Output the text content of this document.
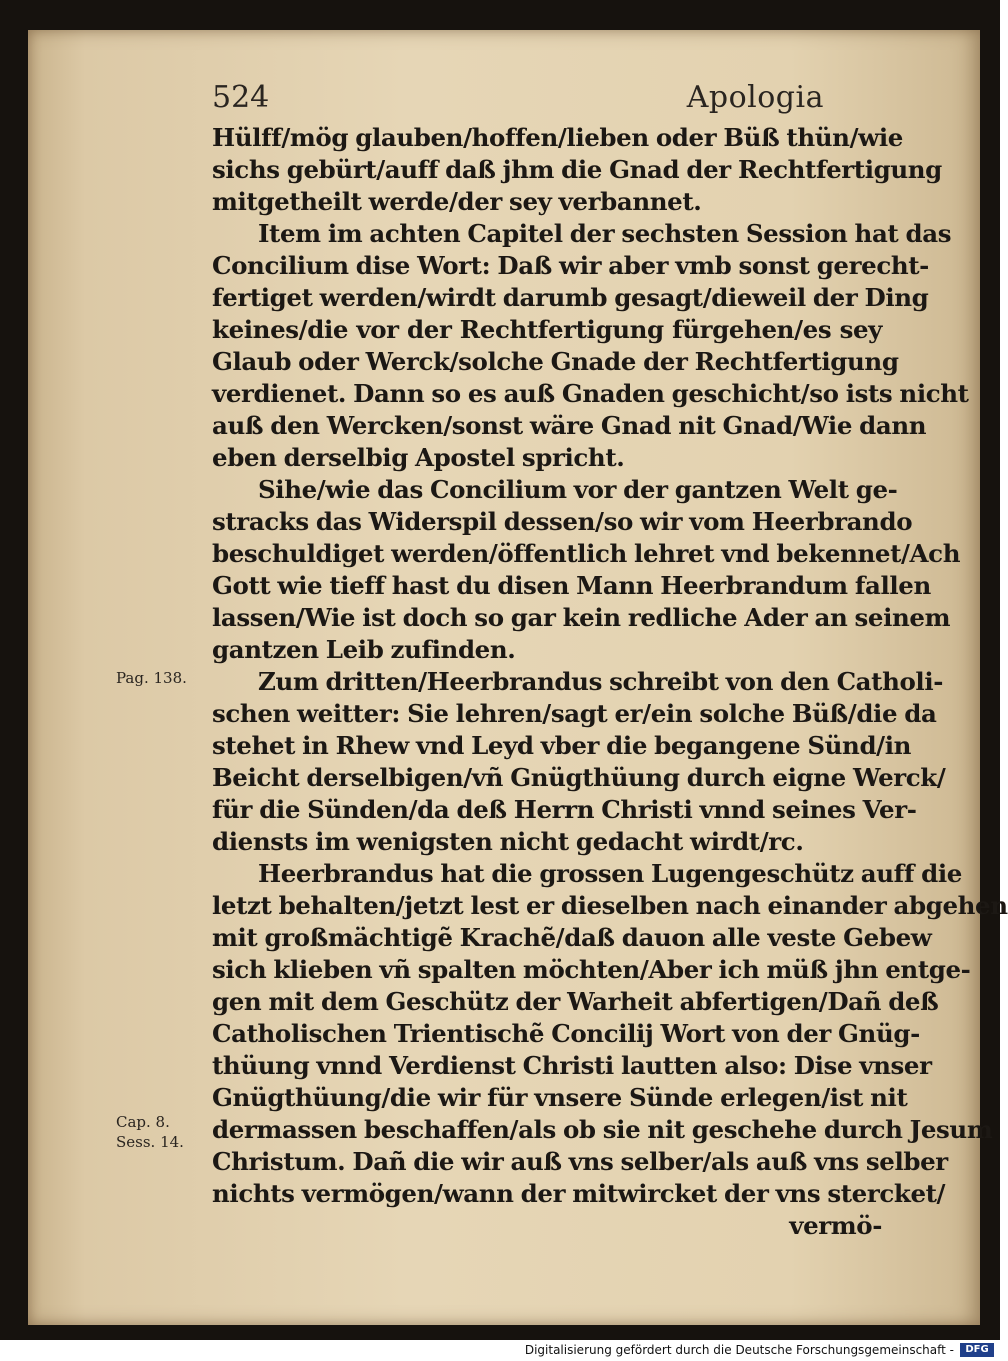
524	Apologia
Hülff/mög glauben/hoffen/lieben oder Büß thün/wie
sichs gebürt/auff daß jhm die Gnad der Rechtfertigung
mitgetheilt werde/der sey verbannet.
Item im achten Capitel der sechsten Session hat das
Concilium dise Wort: Daß wir aber vmb sonst gerecht-
fertiget werden/wirdt darumb gesagt/dieweil der Ding
keines/die vor der Rechtfertigung fürgehen/es sey
Glaub oder Werck/solche Gnade der Rechtfertigung
verdienet. Dann so es auß Gnaden geschicht/so ists nicht
auß den Wercken/sonst wäre Gnad nit Gnad/Wie dann
eben derselbig Apostel spricht.
Sihe/wie das Concilium vor der gantzen Welt ge-
stracks das Widerspil dessen/so wir vom Heerbrando
beschuldiget werden/öffentlich lehret vnd bekennet/Ach
Gott wie tieff hast du disen Mann Heerbrandum fallen
lassen/Wie ist doch so gar kein redliche Ader an seinem
gantzen Leib zufinden.
Zum dritten/Heerbrandus schreibt von den Catholi-
schen weitter: Sie lehren/sagt er/ein solche Büß/die da
stehet in Rhew vnd Leyd vber die begangene Sünd/in
Beicht derselbigen/vñ Gnügthüung durch eigne Werck/
für die Sünden/da deß Herrn Christi vnnd seines Ver-
diensts im wenigsten nicht gedacht wirdt/rc.
Heerbrandus hat die grossen Lugengeschütz auff die
letzt behalten/jetzt lest er dieselben nach einander abgehen
mit großmächtigẽ Krachẽ/daß dauon alle veste Gebew
sich klieben vñ spalten möchten/Aber ich müß jhn entge-
gen mit dem Geschütz der Warheit abfertigen/Dañ deß
Catholischen Trientischẽ Concilij Wort von der Gnüg-
thüung vnnd Verdienst Christi lautten also: Dise vnser
Gnügthüung/die wir für vnsere Sünde erlegen/ist nit
dermassen beschaffen/als ob sie nit geschehe durch Jesum
Christum. Dañ die wir auß vns selber/als auß vns selber
nichts vermögen/wann der mitwircket der vns stercket/
vermö-
Pag. 138.
Cap. 8.
Sess. 14.
Digitalisierung gefördert durch die Deutsche Forschungsgemeinschaft -	DFG
